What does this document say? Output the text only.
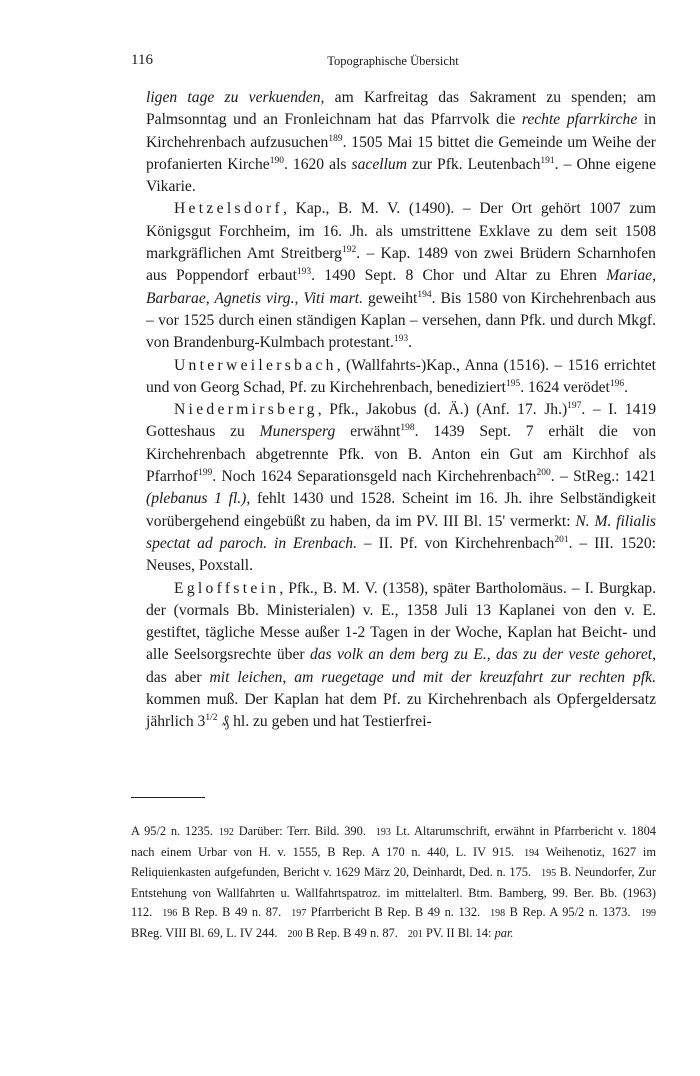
116	Topographische Übersicht

ligen tage zu verkuenden, am Karfreitag das Sakrament zu spenden; am Palmsonntag und an Fronleichnam hat das Pfarrvolk die rechte pfarrkirche in Kirchehrenbach aufzusuchen$^{189}$. 1505 Mai 15 bittet die Gemeinde um Weihe der profanierten Kirche$^{190}$. 1620 als sacellum zur Pfk. Leutenbach$^{191}$. – Ohne eigene Vikarie.

Hetzelsdorf, Kap., B. M. V. (1490). – Der Ort gehört 1007 zum Königsgut Forchheim, im 16. Jh. als umstrittene Exklave zu dem seit 1508 markgräflichen Amt Streitberg$^{192}$. – Kap. 1489 von zwei Brüdern Scharnhofen aus Poppendorf erbaut$^{193}$. 1490 Sept. 8 Chor und Altar zu Ehren Mariae, Barbarae, Agnetis virg., Viti mart. geweiht$^{194}$. Bis 1580 von Kirchehrenbach aus – vor 1525 durch einen ständigen Kaplan – versehen, dann Pfk. und durch Mkgf. von Brandenburg-Kulmbach protestant.$^{193}$.

Unterweilersbach, (Wallfahrts-)Kap., Anna (1516). – 1516 errichtet und von Georg Schad, Pf. zu Kirchehrenbach, benediziert$^{195}$. 1624 verödet$^{196}$.

Niedermirsberg, Pfk., Jakobus (d. Ä.) (Anf. 17. Jh.)$^{197}$. – I. 1419 Gotteshaus zu Munersperg erwähnt$^{198}$. 1439 Sept. 7 erhält die von Kirchehrenbach abgetrennte Pfk. von B. Anton ein Gut am Kirchhof als Pfarrhof$^{199}$. Noch 1624 Separationsgeld nach Kirchehrenbach$^{200}$. – StReg.: 1421 (plebanus 1 fl.), fehlt 1430 und 1528. Scheint im 16. Jh. ihre Selbständigkeit vorübergehend eingebüßt zu haben, da im PV. III Bl. 15' vermerkt: N. M. filialis spectat ad paroch. in Erenbach. – II. Pf. von Kirchehrenbach$^{201}$. – III. 1520: Neuses, Poxstall.

Egloffstein, Pfk., B. M. V. (1358), später Bartholomäus. – I. Burgkap. der (vormals Bb. Ministerialen) v. E., 1358 Juli 13 Kaplanei von den v. E. gestiftet, tägliche Messe außer 1-2 Tagen in der Woche, Kaplan hat Beicht- und alle Seelsorgsrechte über das volk an dem berg zu E., das zu der veste gehoret, das aber mit leichen, am ruegetage und mit der kreuzfahrt zur rechten pfk. kommen muß. Der Kaplan hat dem Pf. zu Kirchehrenbach als Opfergeldersatz jährlich $3^{1/2}$ ₰ hl. zu geben und hat Testierfrei-

A 95/2 n. 1235. 192 Darüber: Terr. Bild. 390. 193 Lt. Altarumschrift, erwähnt in Pfarrbericht v. 1804 nach einem Urbar von H. v. 1555, B Rep. A 170 n. 440, L. IV 915. 194 Weihenotiz, 1627 im Reliquienkasten aufgefunden, Bericht v. 1629 März 20, Deinhardt, Ded. n. 175. 195 B. Neundorfer, Zur Entstehung von Wallfahrten u. Wallfahrtspatroz. im mittelalterl. Btm. Bamberg, 99. Ber. Bb. (1963) 112. 196 B Rep. B 49 n. 87. 197 Pfarrbericht B Rep. B 49 n. 132. 198 B Rep. A 95/2 n. 1373. 199 BReg. VIII Bl. 69, L. IV 244. 200 B Rep. B 49 n. 87. 201 PV. II Bl. 14: par.
